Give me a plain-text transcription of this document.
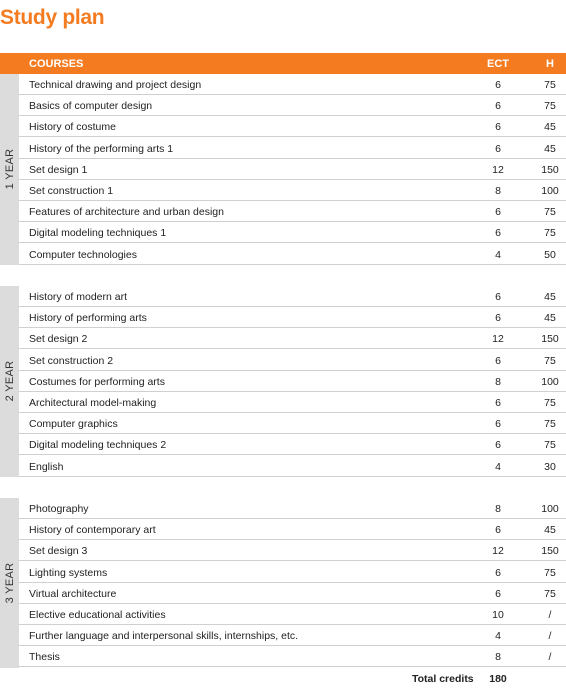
Study plan
COURSES	ECT	H
1 YEAR
Technical drawing and project design	6	75
Basics of computer design	6	75
History of costume	6	45
History of the performing arts 1	6	45
Set design 1	12	150
Set construction 1	8	100
Features of architecture and urban design	6	75
Digital modeling techniques 1	6	75
Computer technologies	4	50
2 YEAR
History of modern art	6	45
History of performing arts	6	45
Set design 2	12	150
Set construction 2	6	75
Costumes for performing arts	8	100
Architectural model-making	6	75
Computer graphics	6	75
Digital modeling techniques 2	6	75
English	4	30
3 YEAR
Photography	8	100
History of contemporary art	6	45
Set design 3	12	150
Lighting systems	6	75
Virtual architecture	6	75
Elective educational activities	10	/
Further language and interpersonal skills, internships, etc.	4	/
Thesis	8	/
Total credits	180
